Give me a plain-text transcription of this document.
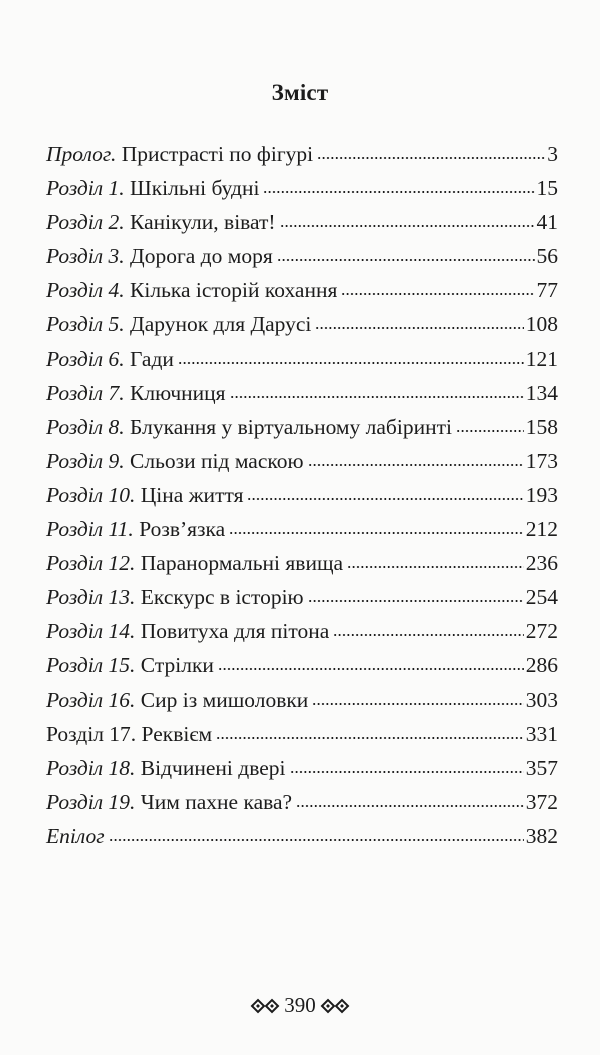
Зміст
Пролог. Пристрасті по фігурі	3
Розділ 1. Шкільні будні	15
Розділ 2. Канікули, віват!	41
Розділ 3. Дорога до моря	56
Розділ 4. Кілька історій кохання	77
Розділ 5. Дарунок для Дарусі	108
Розділ 6. Гади	121
Розділ 7. Ключниця	134
Розділ 8. Блукання у віртуальному лабіринті	158
Розділ 9. Сльози під маскою	173
Розділ 10. Ціна життя	193
Розділ 11. Розв’язка	212
Розділ 12. Паранормальні явища	236
Розділ 13. Екскурс в історію	254
Розділ 14. Повитуха для пітона	272
Розділ 15. Стрілки	286
Розділ 16. Сир із мишоловки	303
Розділ 17. Реквієм	331
Розділ 18. Відчинені двері	357
Розділ 19. Чим пахне кава?	372
Епілог	382
390
